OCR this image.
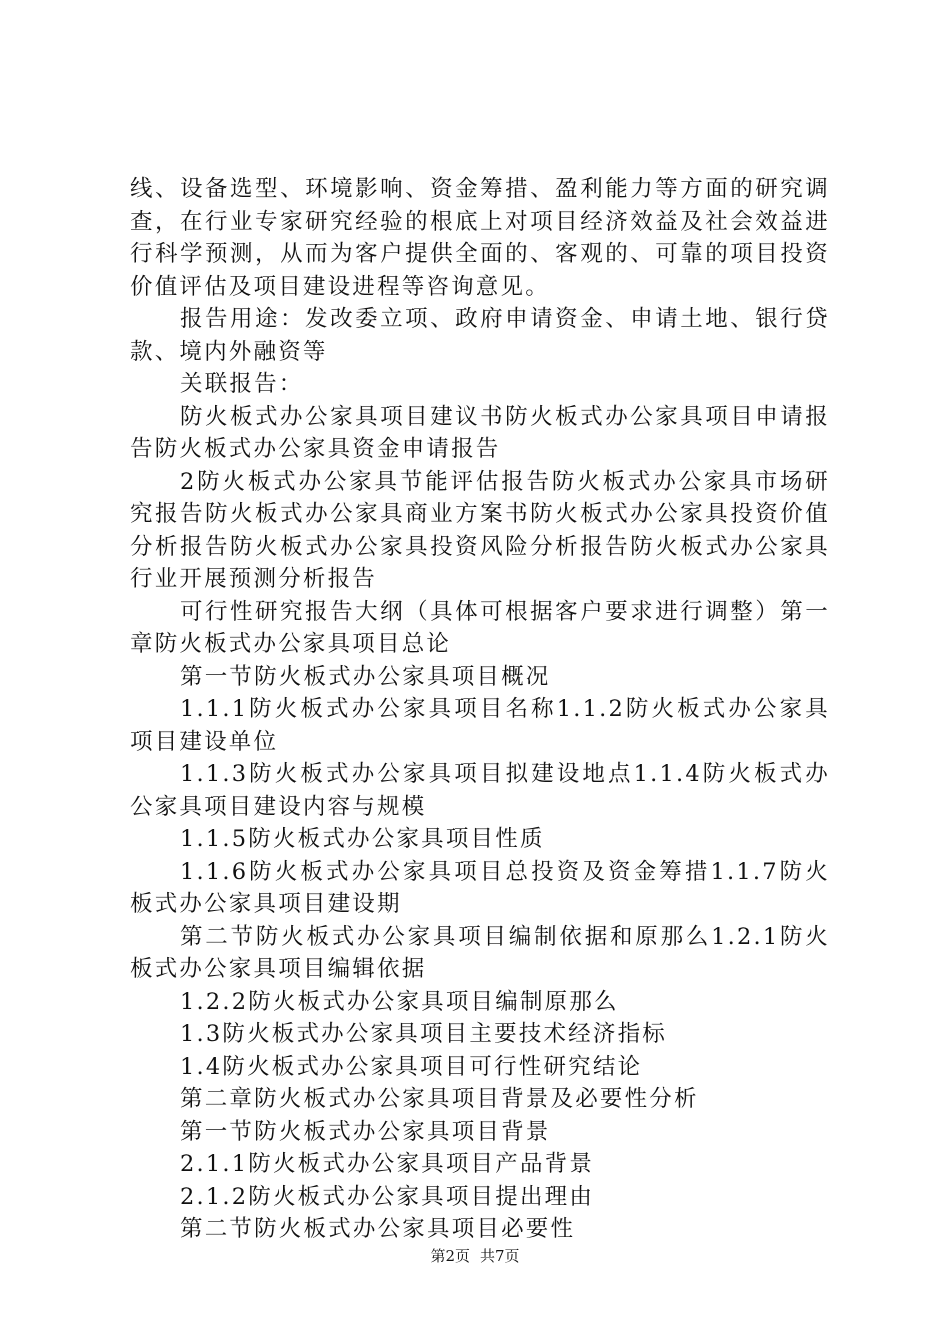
线、设备选型、环境影响、资金筹措、盈利能力等方面的研究调查，在行业专家研究经验的根底上对项目经济效益及社会效益进行科学预测，从而为客户提供全面的、客观的、可靠的项目投资价值评估及项目建设进程等咨询意见。

报告用途：发改委立项、政府申请资金、申请土地、银行贷款、境内外融资等

关联报告：

防火板式办公家具项目建议书防火板式办公家具项目申请报告防火板式办公家具资金申请报告

2防火板式办公家具节能评估报告防火板式办公家具市场研究报告防火板式办公家具商业方案书防火板式办公家具投资价值分析报告防火板式办公家具投资风险分析报告防火板式办公家具行业开展预测分析报告

可行性研究报告大纲（具体可根据客户要求进行调整）第一章防火板式办公家具项目总论

第一节防火板式办公家具项目概况

1.1.1防火板式办公家具项目名称1.1.2防火板式办公家具项目建设单位

1.1.3防火板式办公家具项目拟建设地点1.1.4防火板式办公家具项目建设内容与规模

1.1.5防火板式办公家具项目性质

1.1.6防火板式办公家具项目总投资及资金筹措1.1.7防火板式办公家具项目建设期

第二节防火板式办公家具项目编制依据和原那么1.2.1防火板式办公家具项目编辑依据

1.2.2防火板式办公家具项目编制原那么

1.3防火板式办公家具项目主要技术经济指标

1.4防火板式办公家具项目可行性研究结论

第二章防火板式办公家具项目背景及必要性分析

第一节防火板式办公家具项目背景

2.1.1防火板式办公家具项目产品背景

2.1.2防火板式办公家具项目提出理由

第二节防火板式办公家具项目必要性

第2页 共7页
